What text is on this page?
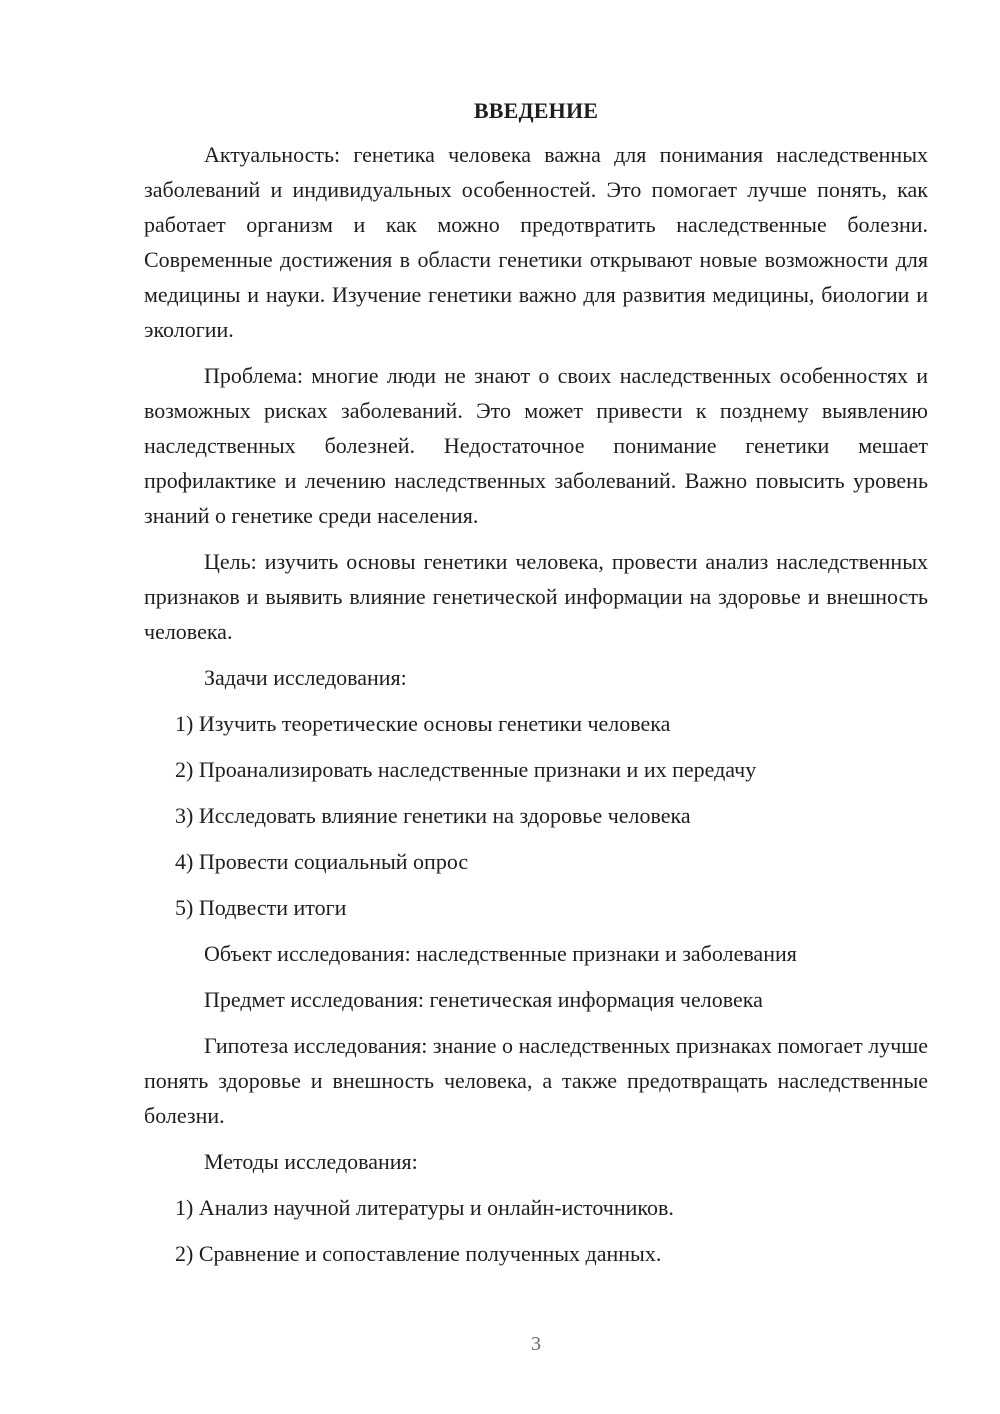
ВВЕДЕНИЕ
Актуальность: генетика человека важна для понимания наследственных заболеваний и индивидуальных особенностей. Это помогает лучше понять, как работает организм и как можно предотвратить наследственные болезни. Современные достижения в области генетики открывают новые возможности для медицины и науки. Изучение генетики важно для развития медицины, биологии и экологии.
Проблема: многие люди не знают о своих наследственных особенностях и возможных рисках заболеваний. Это может привести к позднему выявлению наследственных болезней. Недостаточное понимание генетики мешает профилактике и лечению наследственных заболеваний. Важно повысить уровень знаний о генетике среди населения.
Цель: изучить основы генетики человека, провести анализ наследственных признаков и выявить влияние генетической информации на здоровье и внешность человека.
Задачи исследования:
1) Изучить теоретические основы генетики человека
2) Проанализировать наследственные признаки и их передачу
3) Исследовать влияние генетики на здоровье человека
4) Провести социальный опрос
5) Подвести итоги
Объект исследования: наследственные признаки и заболевания
Предмет исследования: генетическая информация человека
Гипотеза исследования: знание о наследственных признаках помогает лучше понять здоровье и внешность человека, а также предотвращать наследственные болезни.
Методы исследования:
1) Анализ научной литературы и онлайн-источников.
2) Сравнение и сопоставление полученных данных.
3
